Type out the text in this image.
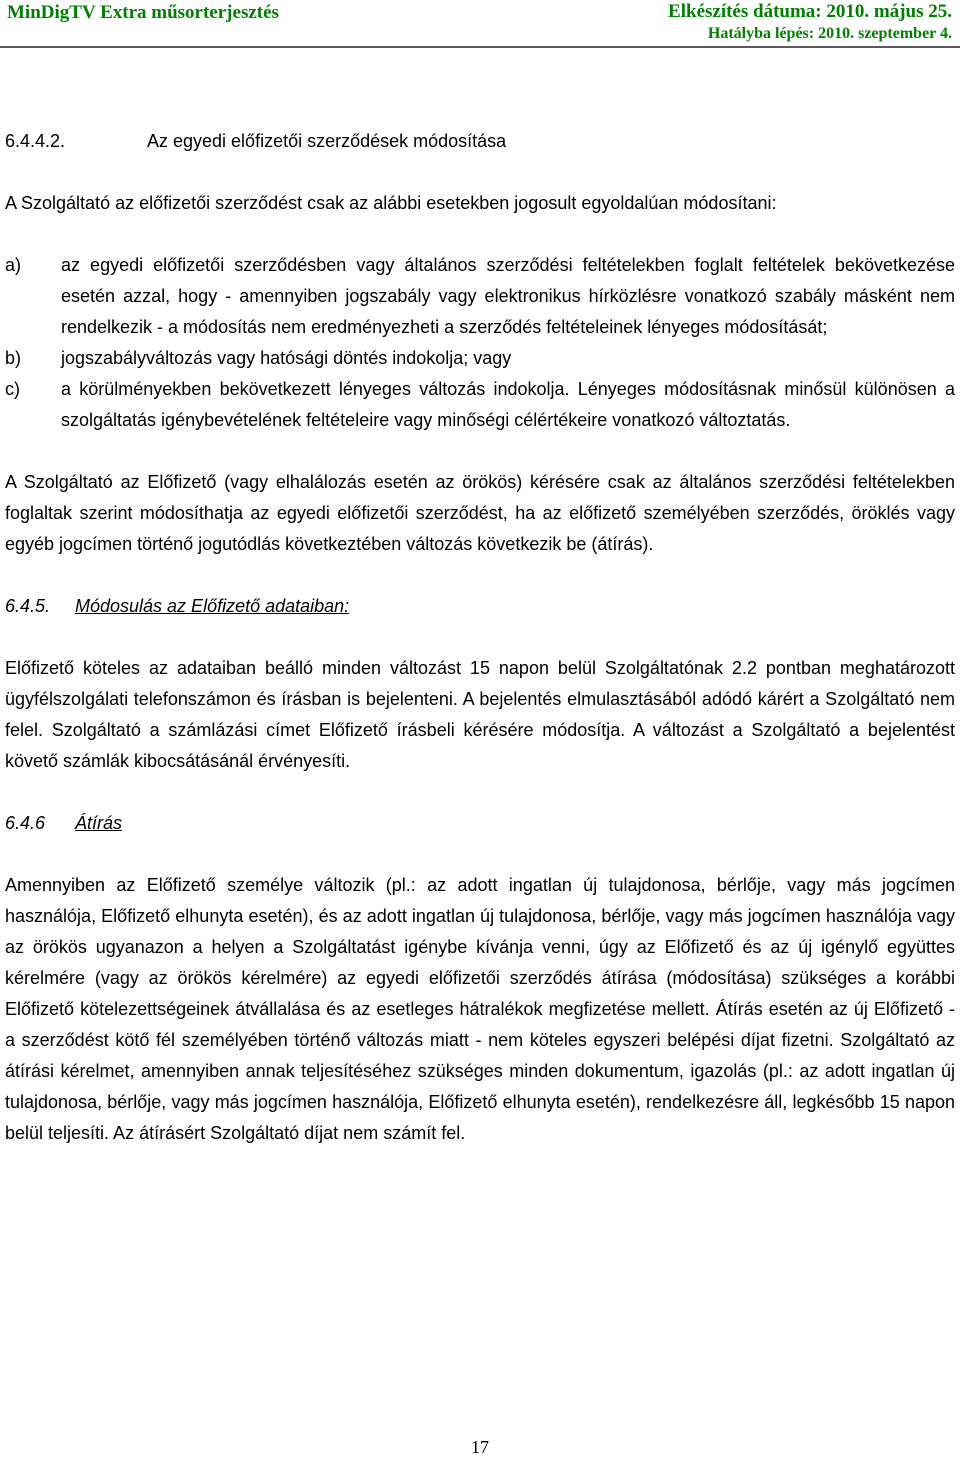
MinDigTV Extra műsorterjesztés	Elkészítés dátuma: 2010. május 25.
Hatályba lépés: 2010. szeptember 4.

6.4.4.2.	Az egyedi előfizetői szerződések módosítása

A Szolgáltató az előfizetői szerződést csak az alábbi esetekben jogosult egyoldalúan módosítani:

a)	az egyedi előfizetői szerződésben vagy általános szerződési feltételekben foglalt feltételek bekövetkezése esetén azzal, hogy - amennyiben jogszabály vagy elektronikus hírközlésre vonatkozó szabály másként nem rendelkezik - a módosítás nem eredményezheti a szerződés feltételeinek lényeges módosítását;
b)	jogszabályváltozás vagy hatósági döntés indokolja; vagy
c)	a körülményekben bekövetkezett lényeges változás indokolja. Lényeges módosításnak minősül különösen a szolgáltatás igénybevételének feltételeire vagy minőségi célértékeire vonatkozó változtatás.

A Szolgáltató az Előfizető (vagy elhalálozás esetén az örökös) kérésére csak az általános szerződési feltételekben foglaltak szerint módosíthatja az egyedi előfizetői szerződést, ha az előfizető személyében szerződés, öröklés vagy egyéb jogcímen történő jogutódlás következtében változás következik be (átírás).

6.4.5. Módosulás az Előfizető adataiban:

Előfizető köteles az adataiban beálló minden változást 15 napon belül Szolgáltatónak 2.2 pontban meghatározott ügyfélszolgálati telefonszámon és írásban is bejelenteni. A bejelentés elmulasztásából adódó kárért a Szolgáltató nem felel. Szolgáltató a számlázási címet Előfizető írásbeli kérésére módosítja. A változást a Szolgáltató a bejelentést követő számlák kibocsátásánál érvényesíti.

6.4.6 Átírás

Amennyiben az Előfizető személye változik (pl.: az adott ingatlan új tulajdonosa, bérlője, vagy más jogcímen használója, Előfizető elhunyta esetén), és az adott ingatlan új tulajdonosa, bérlője, vagy más jogcímen használója vagy az örökös ugyanazon a helyen a Szolgáltatást igénybe kívánja venni, úgy az Előfizető és az új igénylő együttes kérelmére (vagy az örökös kérelmére) az egyedi előfizetői szerződés átírása (módosítása) szükséges a korábbi Előfizető kötelezettségeinek átvállalása és az esetleges hátralékok megfizetése mellett. Átírás esetén az új Előfizető - a szerződést kötő fél személyében történő változás miatt - nem köteles egyszeri belépési díjat fizetni. Szolgáltató az átírási kérelmet, amennyiben annak teljesítéséhez szükséges minden dokumentum, igazolás (pl.: az adott ingatlan új tulajdonosa, bérlője, vagy más jogcímen használója, Előfizető elhunyta esetén), rendelkezésre áll, legkésőbb 15 napon belül teljesíti. Az átírásért Szolgáltató díjat nem számít fel.

17
